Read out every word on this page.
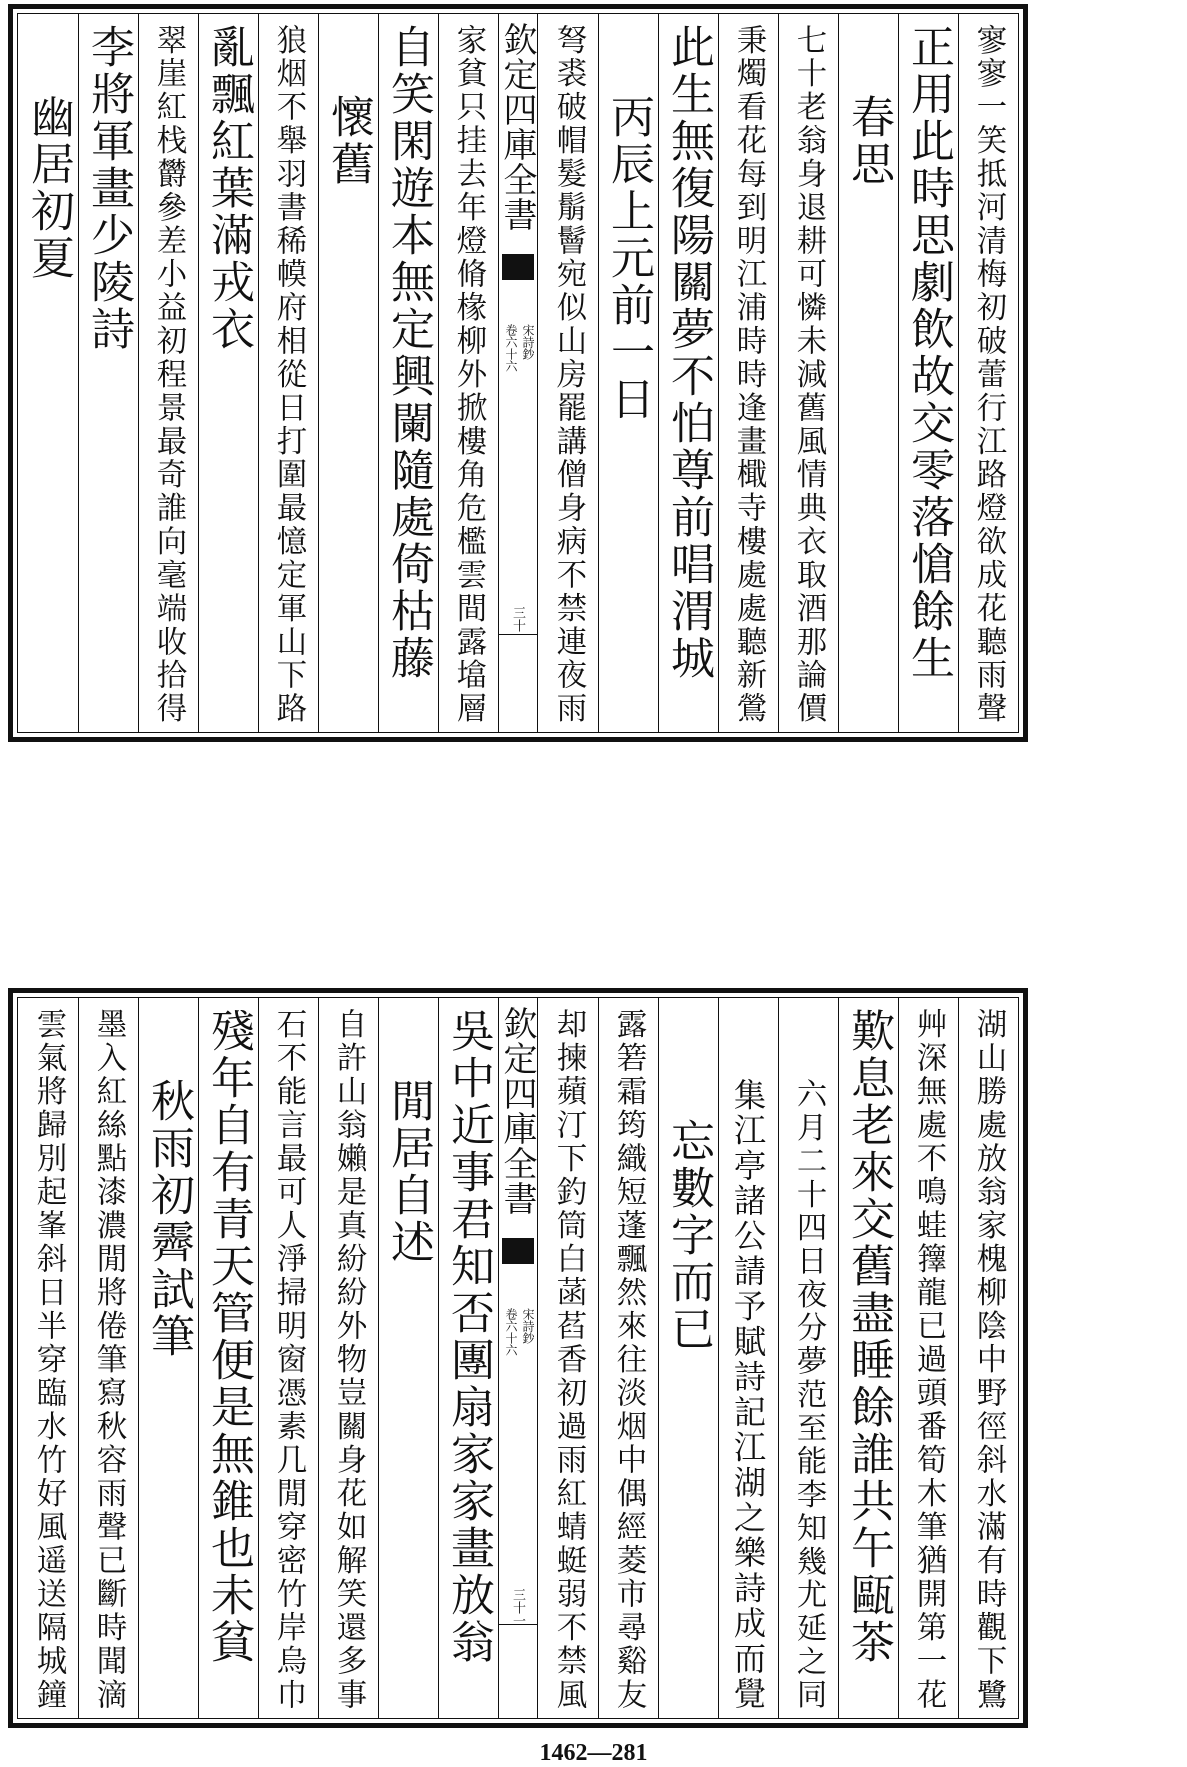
幽居初夏 李將軍畫少陵詩 翠崖紅栈欝參差小益初程景最奇誰向毫端收拾得 亂飄紅葉滿戎衣 狼烟不舉羽書稀幙府相從日打圍最憶定軍山下路 懷舊 自笑閑遊本無定興闌隨處倚枯藤 家貧只挂去年燈脩椽柳外掀樓角危檻雲間露墖層 欽定四庫全書
宋詩鈔
卷六十六
三十 弩裘破帽髮鬅鬙宛似山房罷講僧身病不禁連夜雨 丙辰上元前一日 此生無復陽關夢不怕尊前唱渭城 秉燭看花每到明江浦時時逢畫檝寺樓處處聽新鶯 七十老翁身退耕可憐未減舊風情典衣取酒那論價 春思 正用此時思劇飲故交零落愴餘生 寥寥一笑抵河清梅初破蕾行江路燈欲成花聽雨聲
雲氣將歸別起峯斜日半穿臨水竹好風遥送隔城鐘 墨入紅絲點漆濃閒將倦筆寫秋容雨聲已斷時聞滴 秋雨初霽試筆 殘年自有青天管便是無錐也未貧 石不能言最可人淨掃明窗憑素几閒穿密竹岸烏巾 自許山翁嬾是真紛紛外物豈關身花如解笑還多事 閒居自述 吳中近事君知否團扇家家畫放翁 欽定四庫全書
宋詩鈔
卷六十六
三十一 却揀蘋汀下釣筒白菡萏香初過雨紅蜻蜓弱不禁風 露箬霜筠織短蓬飄然來往淡烟中偶經菱市尋谿友 忘數字而已 集江亭諸公請予賦詩記江湖之樂詩成而覺 六月二十四日夜分夢范至能李知幾尤延之同 歎息老來交舊盡睡餘誰共午甌茶 艸深無處不鳴蛙籜龍已過頭番筍木筆猶開第一花 湖山勝處放翁家槐柳陰中野徑斜水滿有時觀下鷺
1462—281
